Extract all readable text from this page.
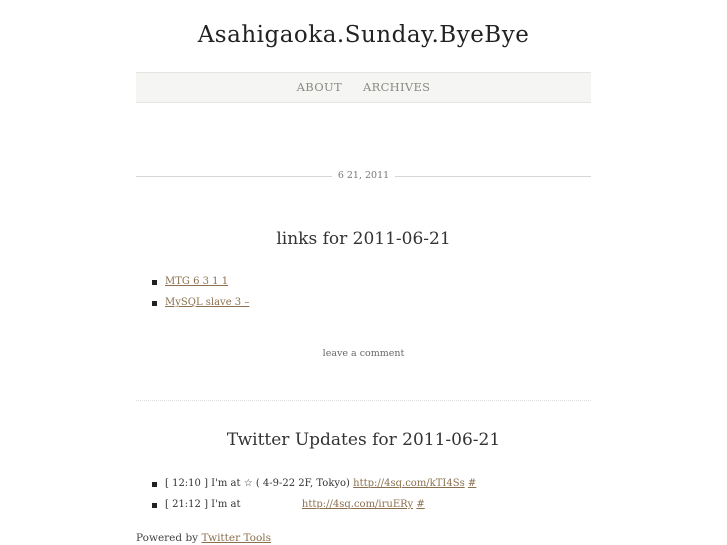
Asahigaoka.Sunday.ByeBye
ABOUT ARCHIVES
6 21, 2011
links for 2011-06-21
MTG 6 3 1 1
MySQL slave 3 –
leave a comment
Twitter Updates for 2011-06-21
[ 12:10 ] I'm at ☆ ( 4-9-22 2F, Tokyo) http://4sq.com/kTI4Ss #
[ 21:12 ] I'm at	http://4sq.com/iruERy #
Powered by Twitter Tools
